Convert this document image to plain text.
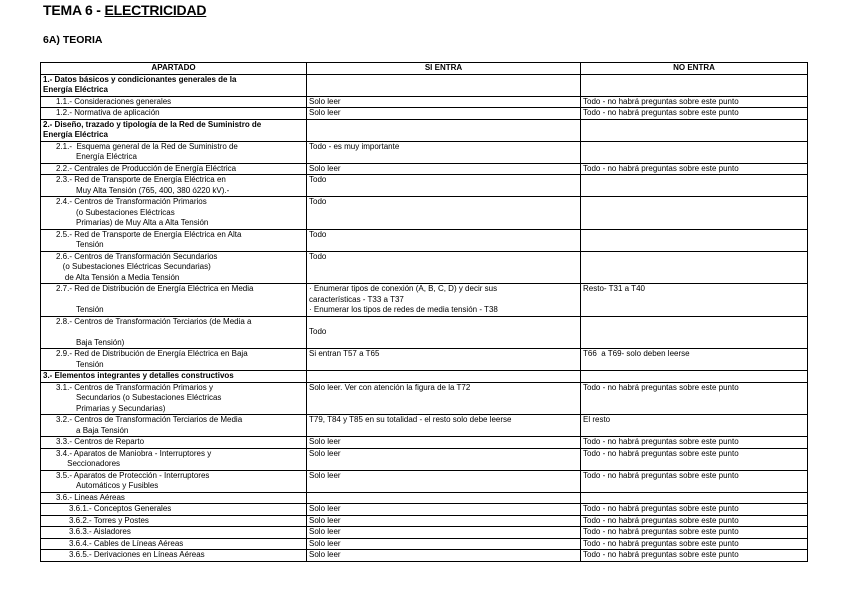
TEMA 6 - ELECTRICIDAD
6A) TEORIA
APARTADO	SI ENTRA	NO ENTRA
1.- Datos básicos y condicionantes generales de la
Energía Eléctrica		
1.1.- Consideraciones generales	Solo leer	Todo - no habrá preguntas sobre este punto
1.2.- Normativa de aplicación	Solo leer	Todo - no habrá preguntas sobre este punto
2.- Diseño, trazado y tipología de la Red de Suministro de
Energía Eléctrica		
2.1.-  Esquema general de la Red de Suministro de
Energía Eléctrica	Todo - es muy importante	
2.2.- Centrales de Producción de Energía Eléctrica	Solo leer	Todo - no habrá preguntas sobre este punto
2.3.- Red de Transporte de Energía Eléctrica en
Muy Alta Tensión (765, 400, 380 ó220 kV).-	Todo	
2.4.- Centros de Transformación Primarios
(o Subestaciones Eléctricas
Primarias) de Muy Alta a Alta Tensión	Todo	
2.5.- Red de Transporte de Energía Eléctrica en Alta
Tensión	Todo	
2.6.- Centros de Transformación Secundarios
(o Subestaciones Eléctricas Secundarias)
de Alta Tensión a Media Tensión	Todo	
2.7.- Red de Distribución de Energía Eléctrica en Media

Tensión	· Enumerar tipos de conexión (A, B, C, D) y decir sus
características - T33 a T37
· Enumerar los tipos de redes de media tensión - T38	Resto- T31 a T40
2.8.- Centros de Transformación Terciarios (de Media a

Baja Tensión)	Todo	
2.9.- Red de Distribución de Energía Eléctrica en Baja
Tensión	Si entran T57 a T65	T66  a T69- solo deben leerse
3.- Elementos integrantes y detalles constructivos		
3.1.- Centros de Transformación Primarios y
Secundarios (o Subestaciones Eléctricas
Primarias y Secundarias)	Solo leer. Ver con atención la figura de la T72	Todo - no habrá preguntas sobre este punto
3.2.- Centros de Transformación Terciarios de Media
a Baja Tensión	T79, T84 y T85 en su totalidad - el resto solo debe leerse	El resto
3.3.- Centros de Reparto	Solo leer	Todo - no habrá preguntas sobre este punto
3.4.- Aparatos de Maniobra - Interruptores y
Seccionadores	Solo leer	Todo - no habrá preguntas sobre este punto
3.5.- Aparatos de Protección - Interruptores
Automáticos y Fusibles	Solo leer	Todo - no habrá preguntas sobre este punto
3.6.- Lineas Aéreas		
3.6.1.- Conceptos Generales	Solo leer	Todo - no habrá preguntas sobre este punto
3.6.2.- Torres y Postes	Solo leer	Todo - no habrá preguntas sobre este punto
3.6.3.- Aisladores	Solo leer	Todo - no habrá preguntas sobre este punto
3.6.4.- Cables de Líneas Aéreas	Solo leer	Todo - no habrá preguntas sobre este punto
3.6.5.- Derivaciones en Líneas Aéreas	Solo leer	Todo - no habrá preguntas sobre este punto
